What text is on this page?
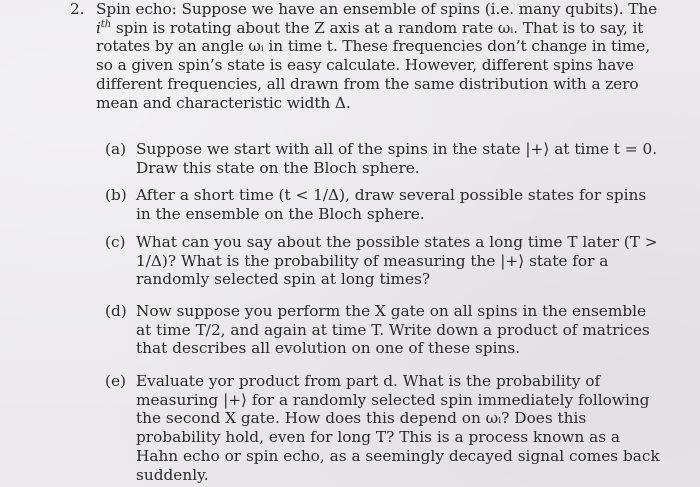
2. Spin echo: Suppose we have an ensemble of spins (i.e. many qubits). The $i^{th}$ spin is rotating about the Z axis at a random rate ωᵢ. That is to say, it rotates by an angle ωᵢ in time t. These frequencies don’t change in time, so a given spin’s state is easy calculate. However, different spins have different frequencies, all drawn from the same distribution with a zero mean and characteristic width Δ.

(a) Suppose we start with all of the spins in the state |+⟩ at time t = 0. Draw this state on the Bloch sphere.
(b) After a short time (t < 1/Δ), draw several possible states for spins in the ensemble on the Bloch sphere.
(c) What can you say about the possible states a long time T later (T > 1/Δ)? What is the probability of measuring the |+⟩ state for a randomly selected spin at long times?
(d) Now suppose you perform the X gate on all spins in the ensemble at time T/2, and again at time T. Write down a product of matrices that describes all evolution on one of these spins.
(e) Evaluate yor product from part d. What is the probability of measuring |+⟩ for a randomly selected spin immediately following the second X gate. How does this depend on ωᵢ? Does this probability hold, even for long T? This is a process known as a Hahn echo or spin echo, as a seemingly decayed signal comes back suddenly.
